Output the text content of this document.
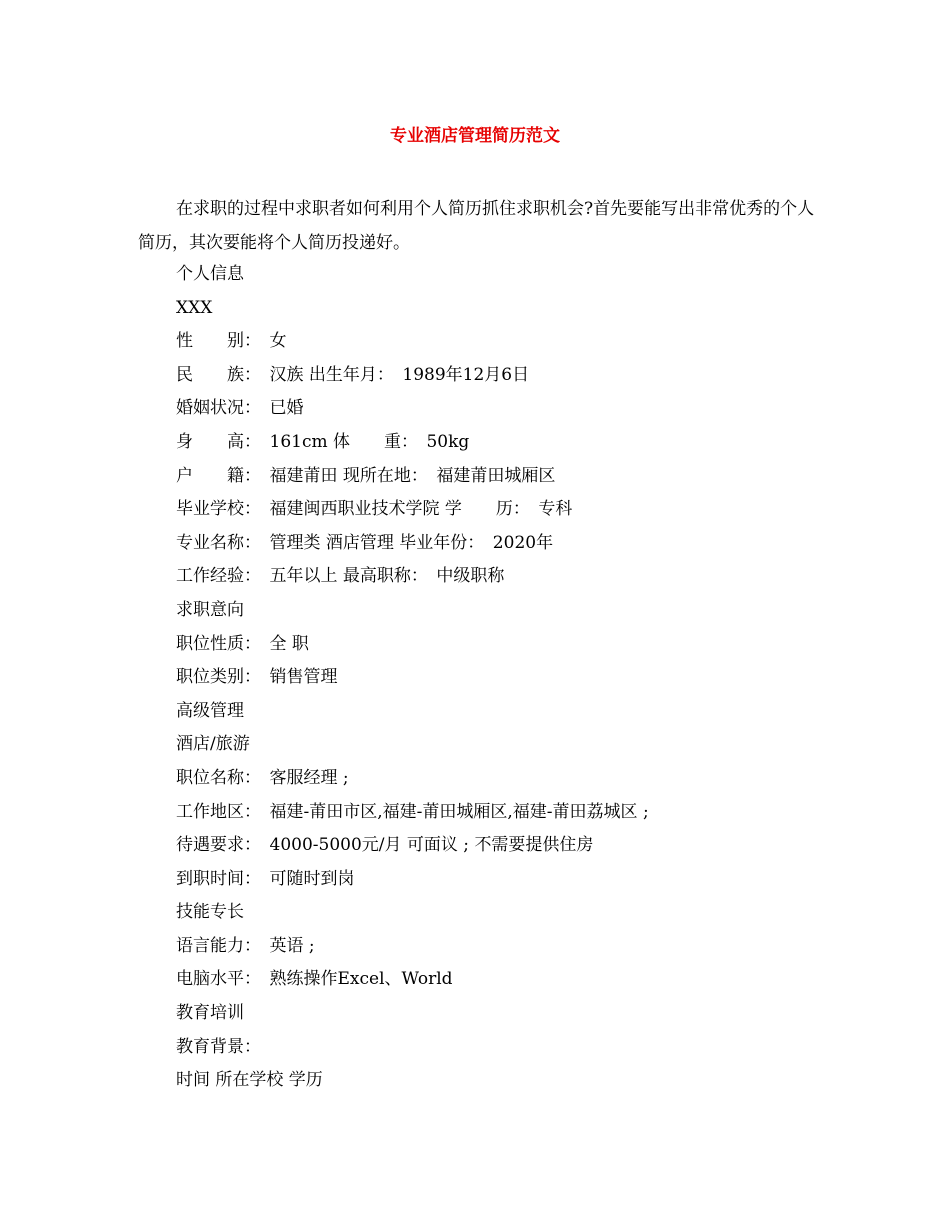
专业酒店管理简历范文
在求职的过程中求职者如何利用个人简历抓住求职机会?首先要能写出非常优秀的个人简历，其次要能将个人简历投递好。
个人信息
XXX
性　　别：　女
民　　族：　汉族 出生年月：　1989年12月6日
婚姻状况：　已婚
身　　高：　161cm 体　　重：　50kg
户　　籍：　福建莆田 现所在地：　福建莆田城厢区
毕业学校：　福建闽西职业技术学院 学　　历：　专科
专业名称：　管理类 酒店管理 毕业年份：　2020年
工作经验：　五年以上 最高职称：　中级职称
求职意向
职位性质：　全 职
职位类别：　销售管理
高级管理
酒店/旅游
职位名称：　客服经理 ;
工作地区：　福建-莆田市区,福建-莆田城厢区,福建-莆田荔城区 ;
待遇要求：　4000-5000元/月 可面议 ; 不需要提供住房
到职时间：　可随时到岗
技能专长
语言能力：　英语 ;
电脑水平：　熟练操作Excel、World
教育培训
教育背景：
时间 所在学校 学历
